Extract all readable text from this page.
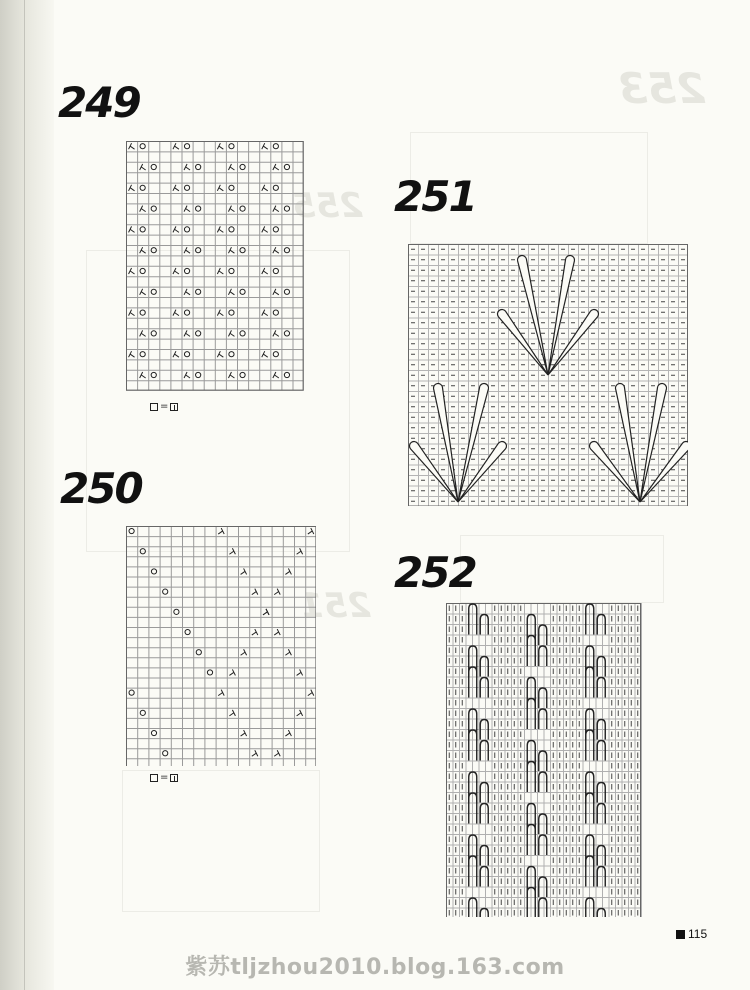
253
255
251
249
250
251
252
=
=
115
紫苏tljzhou2010.blog.163.com
